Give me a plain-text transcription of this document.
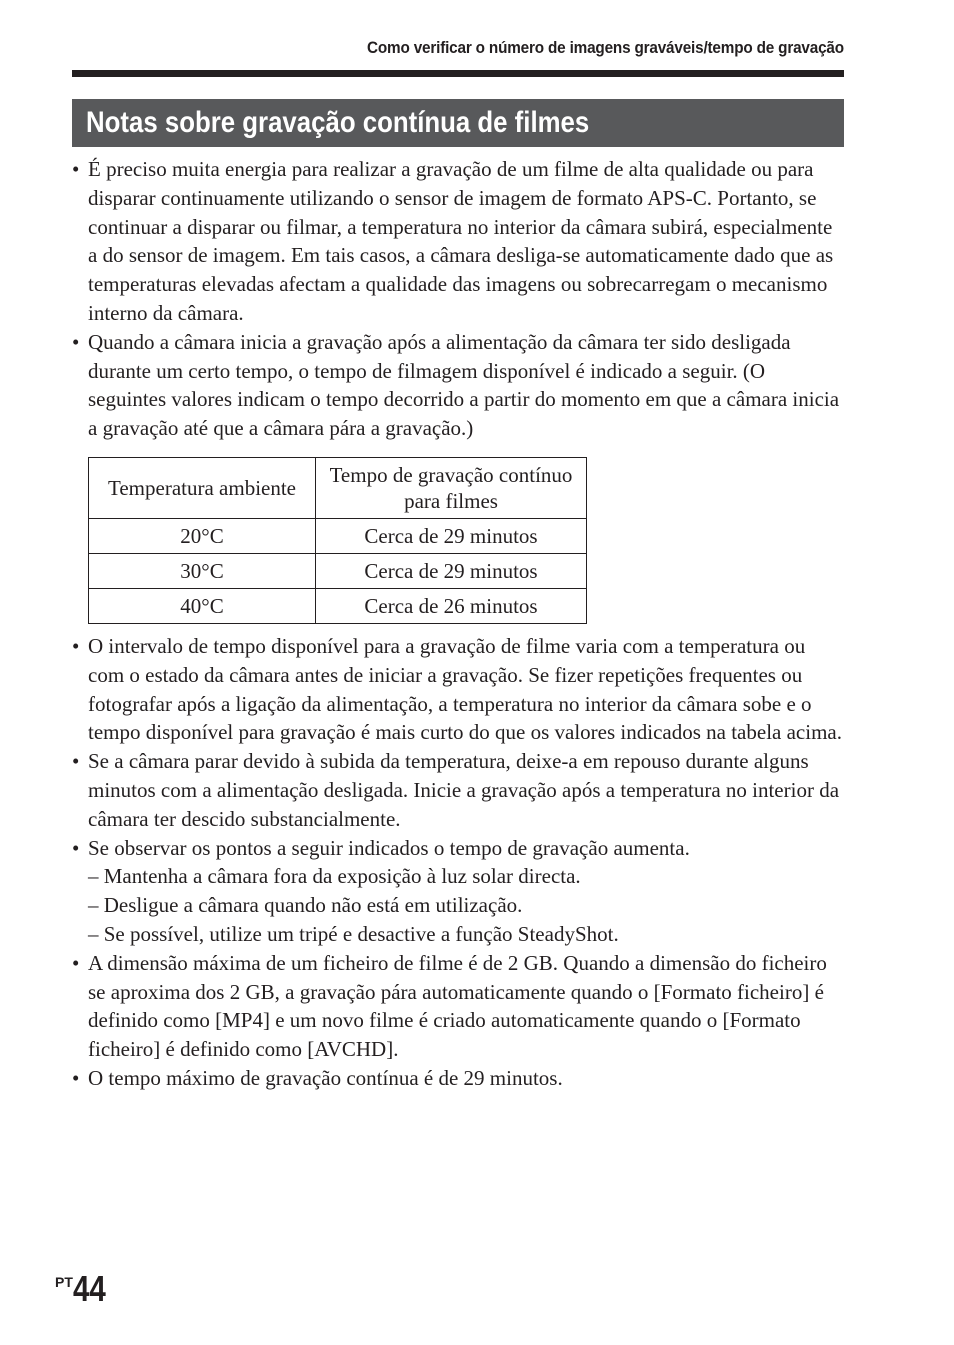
Como verificar o número de imagens graváveis/tempo de gravação
Notas sobre gravação contínua de filmes

• É preciso muita energia para realizar a gravação de um filme de alta qualidade ou para disparar continuamente utilizando o sensor de imagem de formato APS-C. Portanto, se continuar a disparar ou filmar, a temperatura no interior da câmara subirá, especialmente a do sensor de imagem. Em tais casos, a câmara desliga-se automaticamente dado que as temperaturas elevadas afectam a qualidade das imagens ou sobrecarregam o mecanismo interno da câmara.

• Quando a câmara inicia a gravação após a alimentação da câmara ter sido desligada durante um certo tempo, o tempo de filmagem disponível é indicado a seguir. (O seguintes valores indicam o tempo decorrido a partir do momento em que a câmara inicia a gravação até que a câmara pára a gravação.)

Temperatura ambiente	Tempo de gravação contínuo para filmes
20°C	Cerca de 29 minutos
30°C	Cerca de 29 minutos
40°C	Cerca de 26 minutos

• O intervalo de tempo disponível para a gravação de filme varia com a temperatura ou com o estado da câmara antes de iniciar a gravação. Se fizer repetições frequentes ou fotografar após a ligação da alimentação, a temperatura no interior da câmara sobe e o tempo disponível para gravação é mais curto do que os valores indicados na tabela acima.

• Se a câmara parar devido à subida da temperatura, deixe-a em repouso durante alguns minutos com a alimentação desligada. Inicie a gravação após a temperatura no interior da câmara ter descido substancialmente.

• Se observar os pontos a seguir indicados o tempo de gravação aumenta.

– Mantenha a câmara fora da exposição à luz solar directa.

– Desligue a câmara quando não está em utilização.

– Se possível, utilize um tripé e desactive a função SteadyShot.

• A dimensão máxima de um ficheiro de filme é de 2 GB. Quando a dimensão do ficheiro se aproxima dos 2 GB, a gravação pára automaticamente quando o [Formato ficheiro] é definido como [MP4] e um novo filme é criado automaticamente quando o [Formato ficheiro] é definido como [AVCHD].

• O tempo máximo de gravação contínua é de 29 minutos.

PT44
